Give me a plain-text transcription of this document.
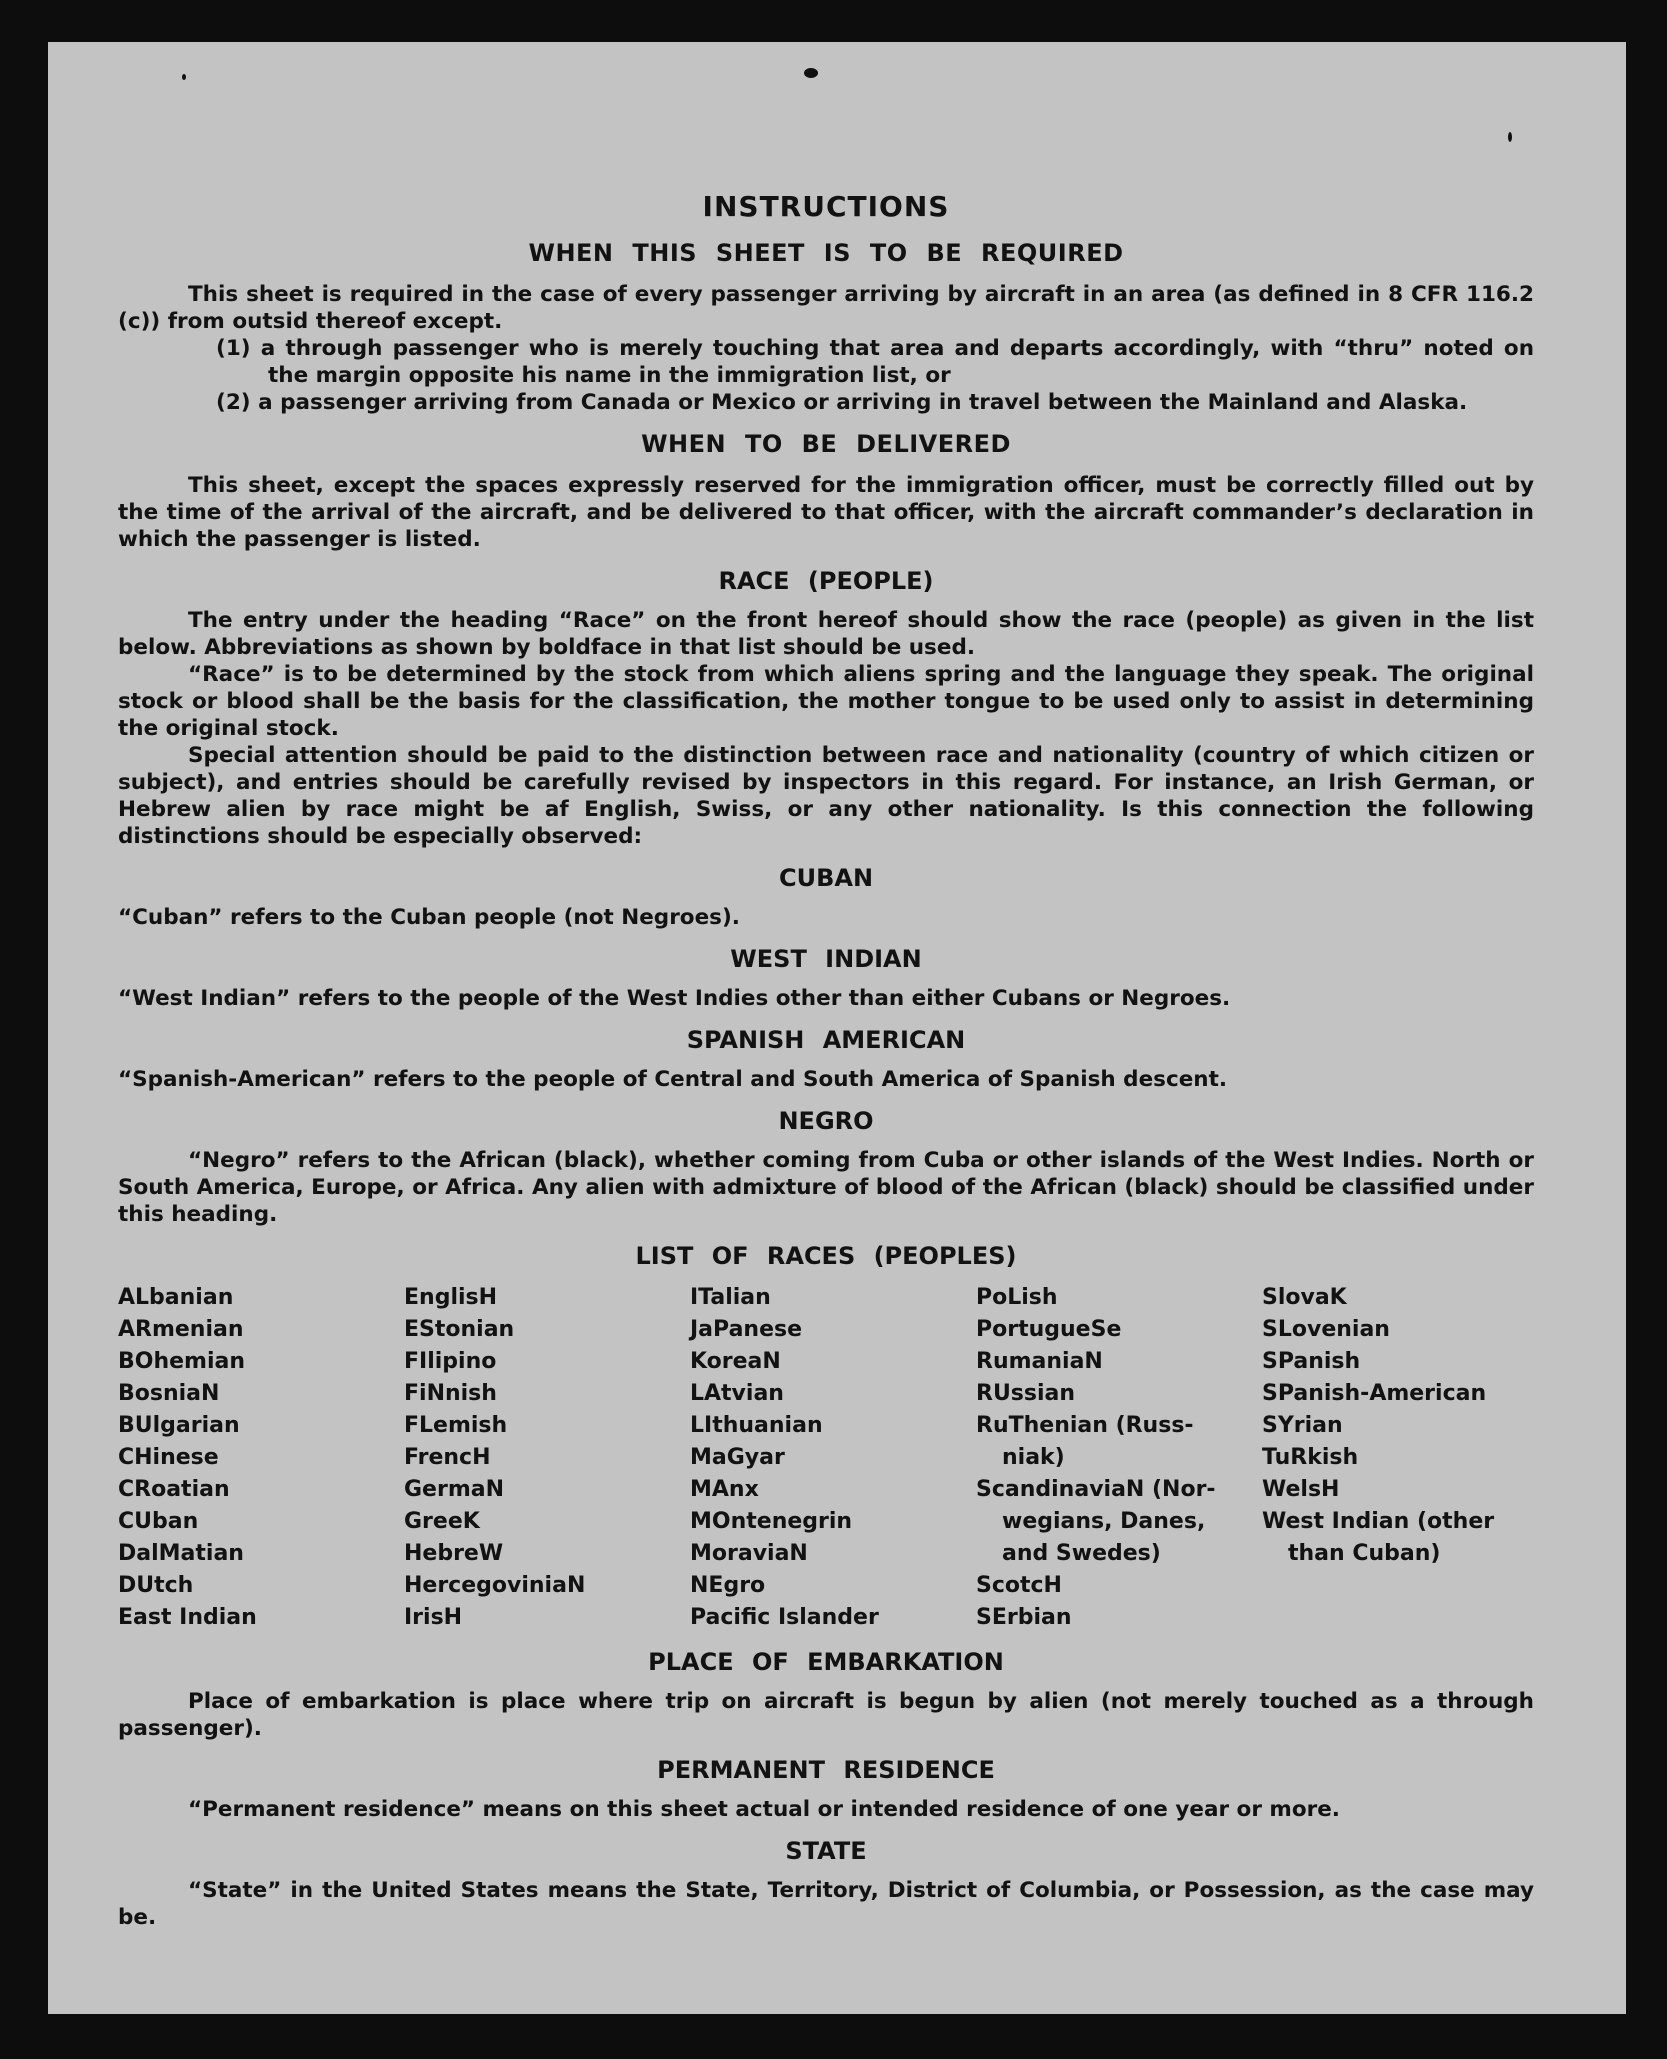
INSTRUCTIONS
WHEN THIS SHEET IS TO BE REQUIRED

This sheet is required in the case of every passenger arriving by aircraft in an area (as defined in 8 CFR 116.2 (c)) from outsid thereof except.

(1) a through passenger who is merely touching that area and departs accordingly, with “thru” noted on the margin opposite his name in the immigration list, or

(2) a passenger arriving from Canada or Mexico or arriving in travel between the Mainland and Alaska.

WHEN TO BE DELIVERED

This sheet, except the spaces expressly reserved for the immigration officer, must be correctly filled out by the time of the arrival of the aircraft, and be delivered to that officer, with the aircraft commander’s declaration in which the passenger is listed.

RACE (PEOPLE)

The entry under the heading “Race” on the front hereof should show the race (people) as given in the list below. Abbreviations as shown by boldface in that list should be used.

“Race” is to be determined by the stock from which aliens spring and the language they speak. The original stock or blood shall be the basis for the classification, the mother tongue to be used only to assist in determining the original stock.

Special attention should be paid to the distinction between race and nationality (country of which citizen or subject), and entries should be carefully revised by inspectors in this regard. For instance, an Irish German, or Hebrew alien by race might be af English, Swiss, or any other nationality. Is this connection the following distinctions should be especially observed:

CUBAN

“Cuban” refers to the Cuban people (not Negroes).

WEST INDIAN

“West Indian” refers to the people of the West Indies other than either Cubans or Negroes.

SPANISH AMERICAN

“Spanish-American” refers to the people of Central and South America of Spanish descent.

NEGRO

“Negro” refers to the African (black), whether coming from Cuba or other islands of the West Indies. North or South America, Europe, or Africa. Any alien with admixture of blood of the African (black) should be classified under this heading.

LIST OF RACES (PEOPLES)
ALbanian
ARmenian
BOhemian
BosniaN
BUlgarian
CHinese
CRoatian
CUban
DalMatian
DUtch
East Indian
EnglisH
EStonian
FIlipino
FiNnish
FLemish
FrencH
GermaN
GreeK
HebreW
HercegoviniaN
IrisH
ITalian
JaPanese
KoreaN
LAtvian
LIthuanian
MaGyar
MAnx
MOntenegrin
MoraviaN
NEgro
Pacific Islander
PoLish
PortugueSe
RumaniaN
RUssian
RuThenian (Russ-
niak)
ScandinaviaN (Nor-
wegians, Danes,
and Swedes)
ScotcH
SErbian
SlovaK
SLovenian
SPanish
SPanish-American
SYrian
TuRkish
WelsH
West Indian (other
than Cuban)
PLACE OF EMBARKATION

Place of embarkation is place where trip on aircraft is begun by alien (not merely touched as a through passenger).

PERMANENT RESIDENCE

“Permanent residence” means on this sheet actual or intended residence of one year or more.

STATE

“State” in the United States means the State, Territory, District of Columbia, or Possession, as the case may be.
